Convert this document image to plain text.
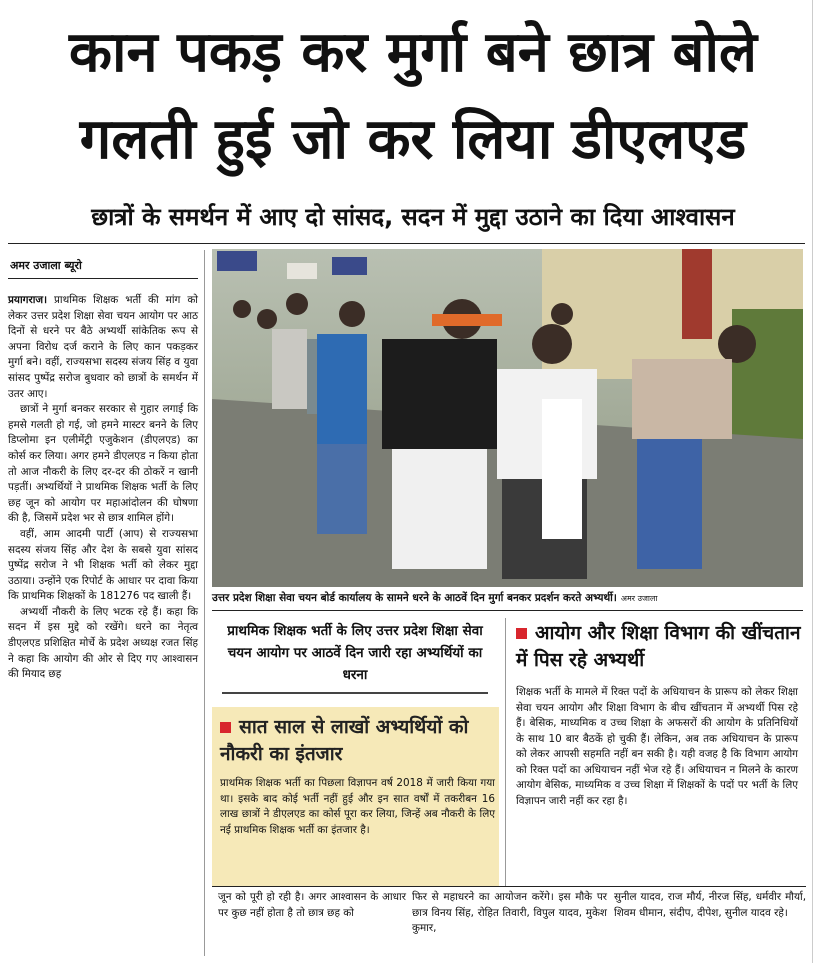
कान पकड़ कर मुर्गा बने छात्र बोले
गलती हुई जो कर लिया डीएलएड
छात्रों के समर्थन में आए दो सांसद, सदन में मुद्दा उठाने का दिया आश्वासन
अमर उजाला ब्यूरो

प्रयागराज। प्राथमिक शिक्षक भर्ती की मांग को लेकर उत्तर प्रदेश शिक्षा सेवा चयन आयोग पर आठ दिनों से धरने पर बैठे अभ्यर्थी सांकेतिक रूप से अपना विरोध दर्ज कराने के लिए कान पकड़कर मुर्गा बने। वहीं, राज्यसभा सदस्य संजय सिंह व युवा सांसद पुष्पेंद्र सरोज बुधवार को छात्रों के समर्थन में उतर आए।

छात्रों ने मुर्गा बनकर सरकार से गुहार लगाई कि हमसे गलती हो गई, जो हमने मास्टर बनने के लिए डिप्लोमा इन एलीमेंट्री एजुकेशन (डीएलएड) का कोर्स कर लिया। अगर हमने डीएलएड न किया होता तो आज नौकरी के लिए दर-दर की ठोकरें न खानी पड़तीं। अभ्यर्थियों ने प्राथमिक शिक्षक भर्ती के लिए छह जून को आयोग पर महाआंदोलन की घोषणा की है, जिसमें प्रदेश भर से छात्र शामिल होंगे।

वहीं, आम आदमी पार्टी (आप) से राज्यसभा सदस्य संजय सिंह और देश के सबसे युवा सांसद पुष्पेंद्र सरोज ने भी शिक्षक भर्ती को लेकर मुद्दा उठाया। उन्होंने एक रिपोर्ट के आधार पर दावा किया कि प्राथमिक शिक्षकों के 181276 पद खाली हैं।

अभ्यर्थी नौकरी के लिए भटक रहे हैं। कहा कि सदन में इस मुद्दे को रखेंगे। धरने का नेतृत्व डीएलएड प्रशिक्षित मोर्चे के प्रदेश अध्यक्ष रजत सिंह ने कहा कि आयोग की ओर से दिए गए आश्वासन की मियाद छह

उत्तर प्रदेश शिक्षा सेवा चयन बोर्ड कार्यालय के सामने धरने के आठवें दिन मुर्गा बनकर प्रदर्शन करते अभ्यर्थी। अमर उजाला
प्राथमिक शिक्षक भर्ती के लिए उत्तर प्रदेश शिक्षा सेवा चयन आयोग पर आठवें दिन जारी रहा अभ्यर्थियों का धरना
सात साल से लाखों अभ्यर्थियों को नौकरी का इंतजार
प्राथमिक शिक्षक भर्ती का पिछला विज्ञापन वर्ष 2018 में जारी किया गया था। इसके बाद कोई भर्ती नहीं हुई और इन सात वर्षों में तकरीबन 16 लाख छात्रों ने डीएलएड का कोर्स पूरा कर लिया, जिन्हें अब नौकरी के लिए नई प्राथमिक शिक्षक भर्ती का इंतजार है।
आयोग और शिक्षा विभाग की खींचतान में पिस रहे अभ्यर्थी
शिक्षक भर्ती के मामले में रिक्त पदों के अधियाचन के प्रारूप को लेकर शिक्षा सेवा चयन आयोग और शिक्षा विभाग के बीच खींचतान में अभ्यर्थी पिस रहे हैं। बेसिक, माध्यमिक व उच्च शिक्षा के अफसरों की आयोग के प्रतिनिधियों के साथ 10 बार बैठकें हो चुकी हैं। लेकिन, अब तक अधियाचन के प्रारूप को लेकर आपसी सहमति नहीं बन सकी है। यही वजह है कि विभाग आयोग को रिक्त पदों का अधियाचन नहीं भेज रहे हैं। अधियाचन न मिलने के कारण आयोग बेसिक, माध्यमिक व उच्च शिक्षा में शिक्षकों के पदों पर भर्ती के लिए विज्ञापन जारी नहीं कर रहा है।
जून को पूरी हो रही है। अगर आश्वासन के आधार पर कुछ नहीं होता है तो छात्र छह को
फिर से महाधरने का आयोजन करेंगे। इस मौके पर छात्र विनय सिंह, रोहित तिवारी, विपुल यादव, मुकेश कुमार,
सुनील यादव, राज मौर्य, नीरज सिंह, धर्मवीर मौर्या, शिवम धीमान, संदीप, दीपेश, सुनील यादव रहे।
